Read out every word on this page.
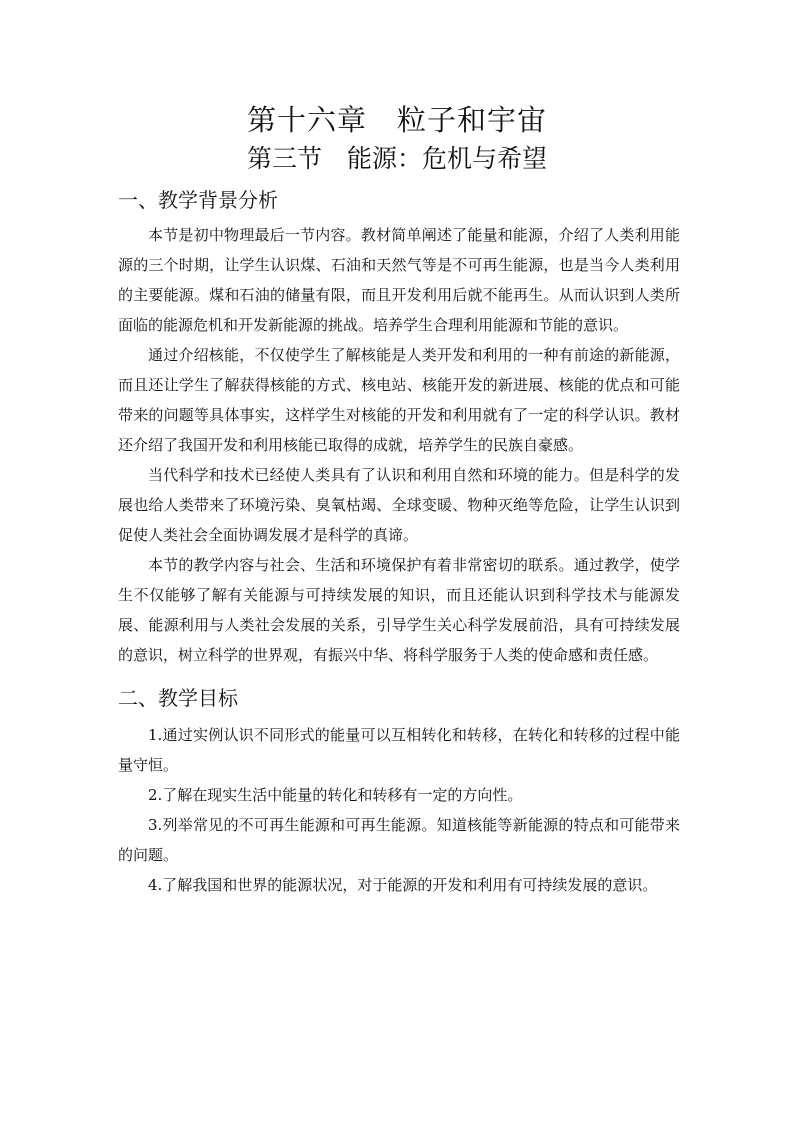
第十六章　粒子和宇宙
第三节　能源：危机与希望
一、教学背景分析

本节是初中物理最后一节内容。教材简单阐述了能量和能源，介绍了人类利用能源的三个时期，让学生认识煤、石油和天然气等是不可再生能源，也是当今人类利用的主要能源。煤和石油的储量有限，而且开发利用后就不能再生。从而认识到人类所面临的能源危机和开发新能源的挑战。培养学生合理利用能源和节能的意识。

通过介绍核能，不仅使学生了解核能是人类开发和利用的一种有前途的新能源，而且还让学生了解获得核能的方式、核电站、核能开发的新进展、核能的优点和可能带来的问题等具体事实，这样学生对核能的开发和利用就有了一定的科学认识。教材还介绍了我国开发和利用核能已取得的成就，培养学生的民族自豪感。

当代科学和技术已经使人类具有了认识和利用自然和环境的能力。但是科学的发展也给人类带来了环境污染、臭氧枯竭、全球变暖、物种灭绝等危险，让学生认识到促使人类社会全面协调发展才是科学的真谛。

本节的教学内容与社会、生活和环境保护有着非常密切的联系。通过教学，使学生不仅能够了解有关能源与可持续发展的知识，而且还能认识到科学技术与能源发展、能源利用与人类社会发展的关系，引导学生关心科学发展前沿，具有可持续发展的意识，树立科学的世界观，有振兴中华、将科学服务于人类的使命感和责任感。

二、教学目标

1.通过实例认识不同形式的能量可以互相转化和转移，在转化和转移的过程中能量守恒。

2.了解在现实生活中能量的转化和转移有一定的方向性。

3.列举常见的不可再生能源和可再生能源。知道核能等新能源的特点和可能带来的问题。

4.了解我国和世界的能源状况，对于能源的开发和利用有可持续发展的意识。
